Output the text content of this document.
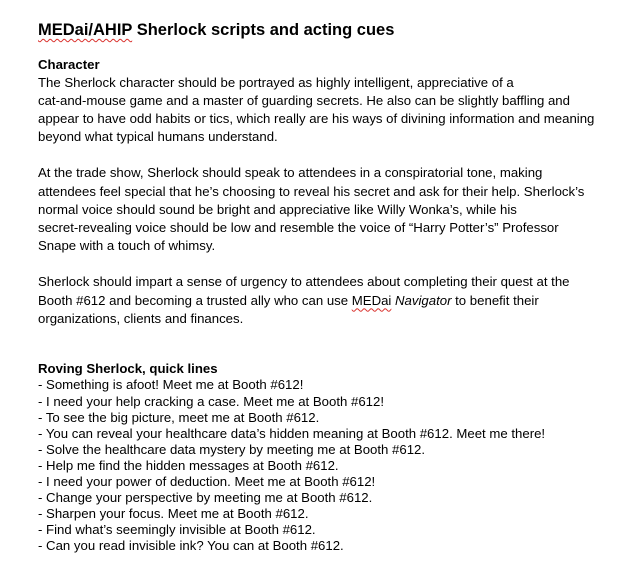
MEDai/AHIP Sherlock scripts and acting cues
Character

The Sherlock character should be portrayed as highly intelligent, appreciative of a
cat-and-mouse game and a master of guarding secrets. He also can be slightly baffling and
appear to have odd habits or tics, which really are his ways of divining information and meaning
beyond what typical humans understand.

At the trade show, Sherlock should speak to attendees in a conspiratorial tone, making
attendees feel special that he’s choosing to reveal his secret and ask for their help. Sherlock’s
normal voice should sound be bright and appreciative like Willy Wonka’s, while his
secret-revealing voice should be low and resemble the voice of “Harry Potter’s” Professor
Snape with a touch of whimsy.

Sherlock should impart a sense of urgency to attendees about completing their quest at the
Booth #612 and becoming a trusted ally who can use MEDai Navigator to benefit their
organizations, clients and finances.

Roving Sherlock, quick lines
- Something is afoot! Meet me at Booth #612!
- I need your help cracking a case. Meet me at Booth #612!
- To see the big picture, meet me at Booth #612.
- You can reveal your healthcare data’s hidden meaning at Booth #612. Meet me there!
- Solve the healthcare data mystery by meeting me at Booth #612.
- Help me find the hidden messages at Booth #612.
- I need your power of deduction. Meet me at Booth #612!
- Change your perspective by meeting me at Booth #612.
- Sharpen your focus. Meet me at Booth #612.
- Find what’s seemingly invisible at Booth #612.
- Can you read invisible ink? You can at Booth #612.
